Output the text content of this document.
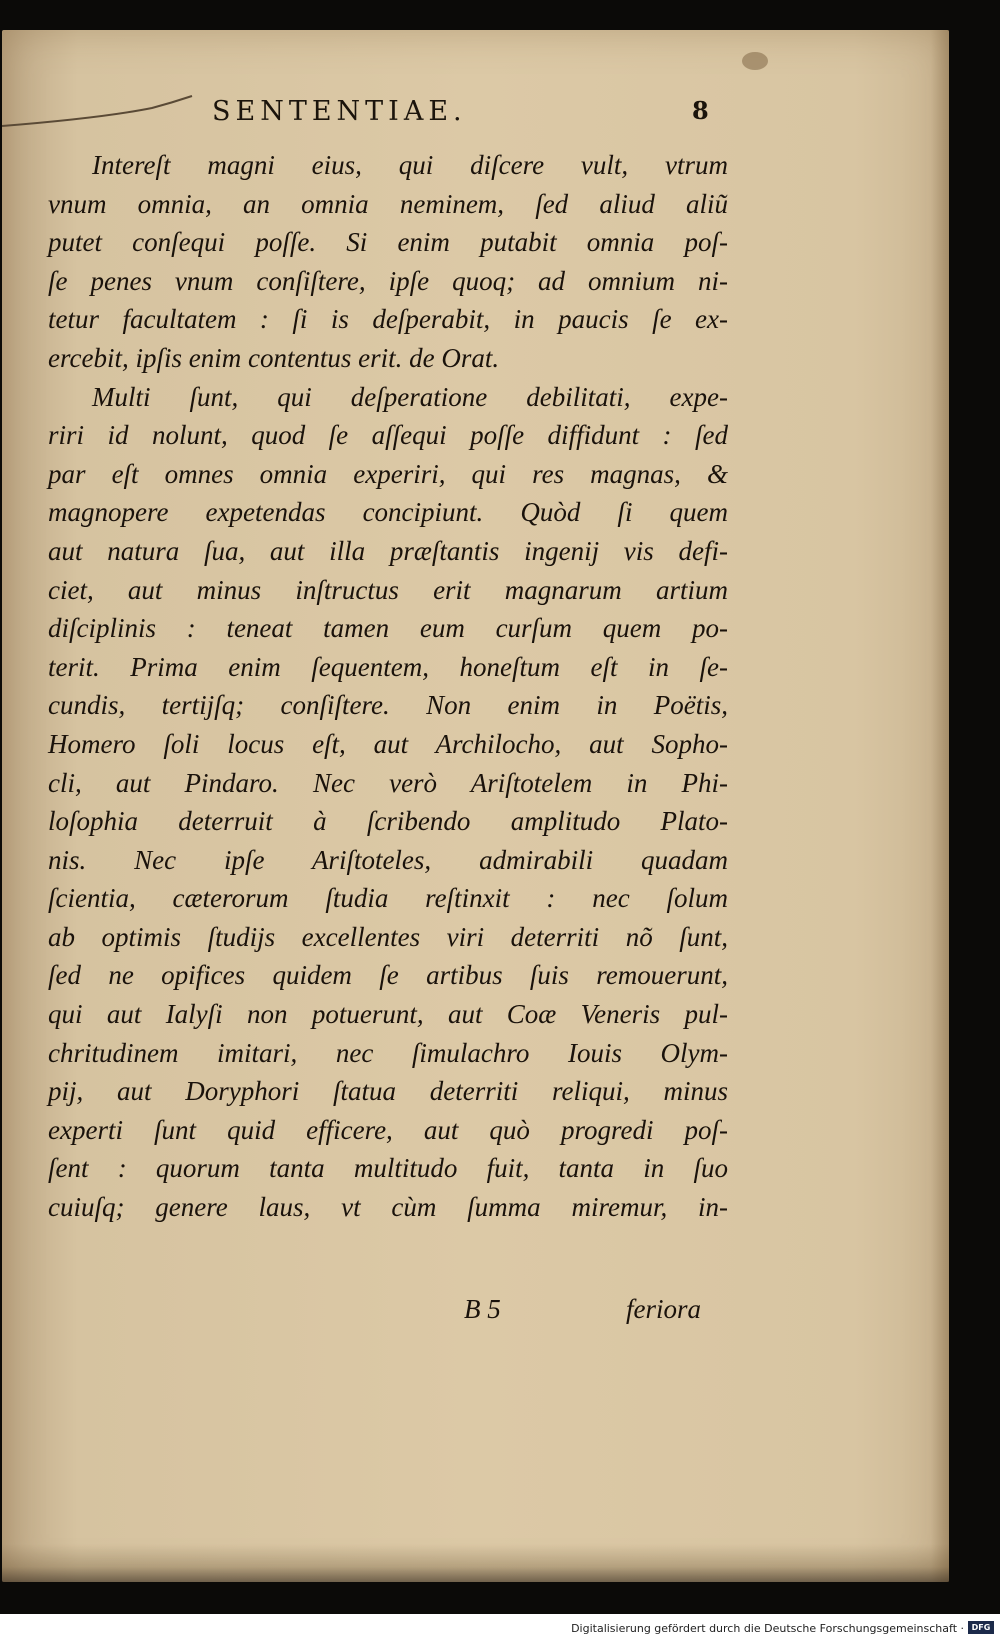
SENTENTIAE.	8
Intereſt magni eius, qui diſcere vult, vtrum
vnum omnia, an omnia neminem, ſed aliud aliũ
putet conſequi poſſe. Si enim putabit omnia poſ-
ſe penes vnum conſiſtere, ipſe quoq; ad omnium ni-
tetur facultatem : ſi is deſperabit, in paucis ſe ex-
ercebit, ipſis enim contentus erit. de Orat.
Multi ſunt, qui deſperatione debilitati, expe-
riri id nolunt, quod ſe aſſequi poſſe diffidunt : ſed
par eſt omnes omnia experiri, qui res magnas, &
magnopere expetendas concipiunt. Quòd ſi quem
aut natura ſua, aut illa præſtantis ingenij vis defi-
ciet, aut minus inſtructus erit magnarum artium
diſciplinis : teneat tamen eum curſum quem po-
terit. Prima enim ſequentem, honeſtum eſt in ſe-
cundis, tertijſq; conſiſtere. Non enim in Poëtis,
Homero ſoli locus eſt, aut Archilocho, aut Sopho-
cli, aut Pindaro. Nec verò Ariſtotelem in Phi-
loſophia deterruit à ſcribendo amplitudo Plato-
nis. Nec ipſe Ariſtoteles, admirabili quadam
ſcientia, cæterorum ſtudia reſtinxit : nec ſolum
ab optimis ſtudijs excellentes viri deterriti nõ ſunt,
ſed ne opifices quidem ſe artibus ſuis remouerunt,
qui aut Ialyſi non potuerunt, aut Coæ Veneris pul-
chritudinem imitari, nec ſimulachro Iouis Olym-
pij, aut Doryphori ſtatua deterriti reliqui, minus
experti ſunt quid efficere, aut quò progredi poſ-
ſent : quorum tanta multitudo fuit, tanta in ſuo
cuiuſq; genere laus, vt cùm ſumma miremur, in-
B 5	feriora
Digitalisierung gefördert durch die Deutsche Forschungsgemeinschaft · DFG
